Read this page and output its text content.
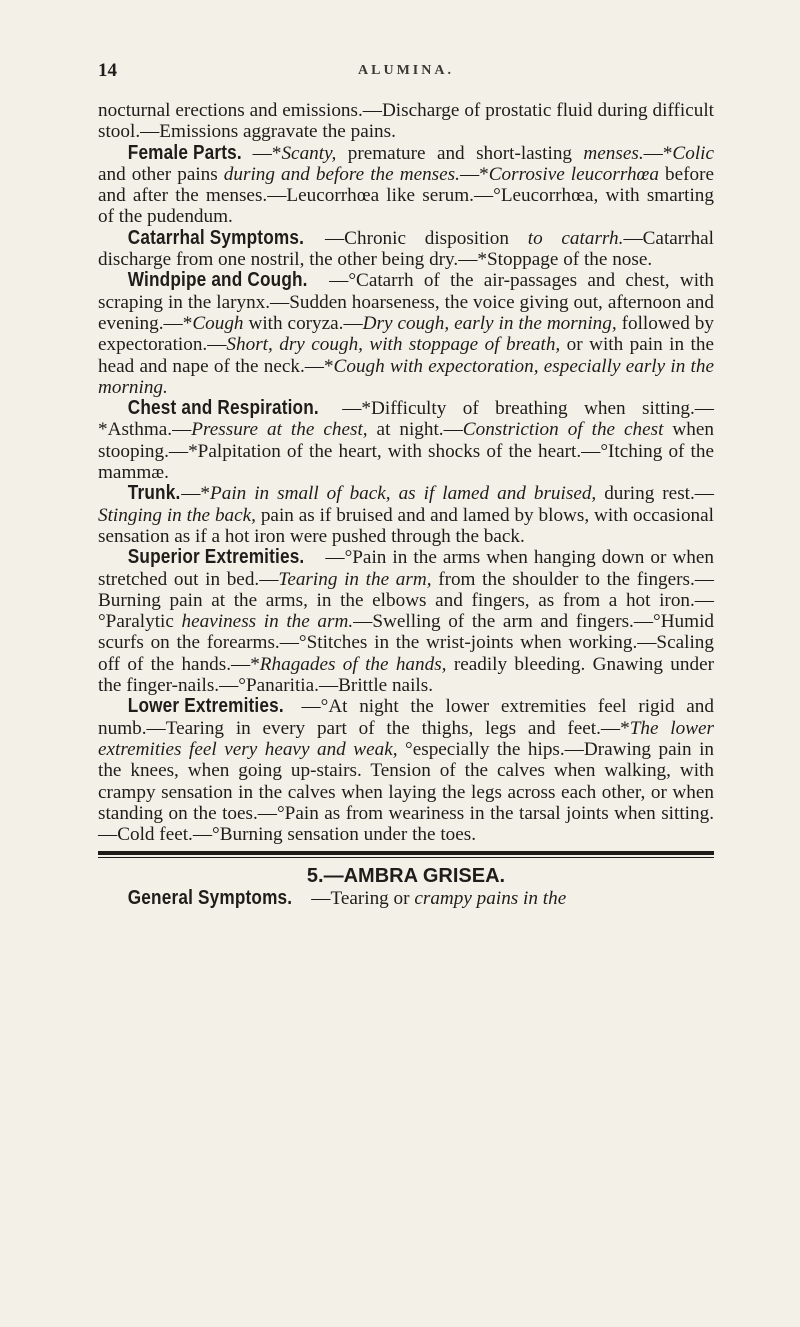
14	ALUMINA.

nocturnal erections and emissions.—Discharge of prostatic fluid during difficult stool.—Emissions aggravate the pains.

Female Parts. —*Scanty, premature and short-lasting menses.—*Colic and other pains during and before the menses.—*Corrosive leucorrhœa before and after the menses.—Leucorrhœa like serum.—°Leucorrhœa, with smarting of the pudendum.

Catarrhal Symptoms. —Chronic disposition to catarrh.—Catarrhal discharge from one nostril, the other being dry.—*Stoppage of the nose.

Windpipe and Cough. —°Catarrh of the air-passages and chest, with scraping in the larynx.—Sudden hoarseness, the voice giving out, afternoon and evening.—*Cough with coryza.—Dry cough, early in the morning, followed by expectoration.—Short, dry cough, with stoppage of breath, or with pain in the head and nape of the neck.—*Cough with expectoration, especially early in the morning.

Chest and Respiration. —*Difficulty of breathing when sitting.—*Asthma.—Pressure at the chest, at night.—Constriction of the chest when stooping.—*Palpitation of the heart, with shocks of the heart.—°Itching of the mammæ.

Trunk.—*Pain in small of back, as if lamed and bruised, during rest.—Stinging in the back, pain as if bruised and and lamed by blows, with occasional sensation as if a hot iron were pushed through the back.

Superior Extremities. —°Pain in the arms when hanging down or when stretched out in bed.—Tearing in the arm, from the shoulder to the fingers.—Burning pain at the arms, in the elbows and fingers, as from a hot iron.—°Paralytic heaviness in the arm.—Swelling of the arm and fingers.—°Humid scurfs on the forearms.—°Stitches in the wrist-joints when working.—Scaling off of the hands.—*Rhagades of the hands, readily bleeding. Gnawing under the finger-nails.—°Panaritia.—Brittle nails.

Lower Extremities. —°At night the lower extremities feel rigid and numb.—Tearing in every part of the thighs, legs and feet.—*The lower extremities feel very heavy and weak, °especially the hips.—Drawing pain in the knees, when going up-stairs. Tension of the calves when walking, with crampy sensation in the calves when laying the legs across each other, or when standing on the toes.—°Pain as from weariness in the tarsal joints when sitting.—Cold feet.—°Burning sensation under the toes.

5.—AMBRA GRISEA.

General Symptoms. —Tearing or crampy pains in the
